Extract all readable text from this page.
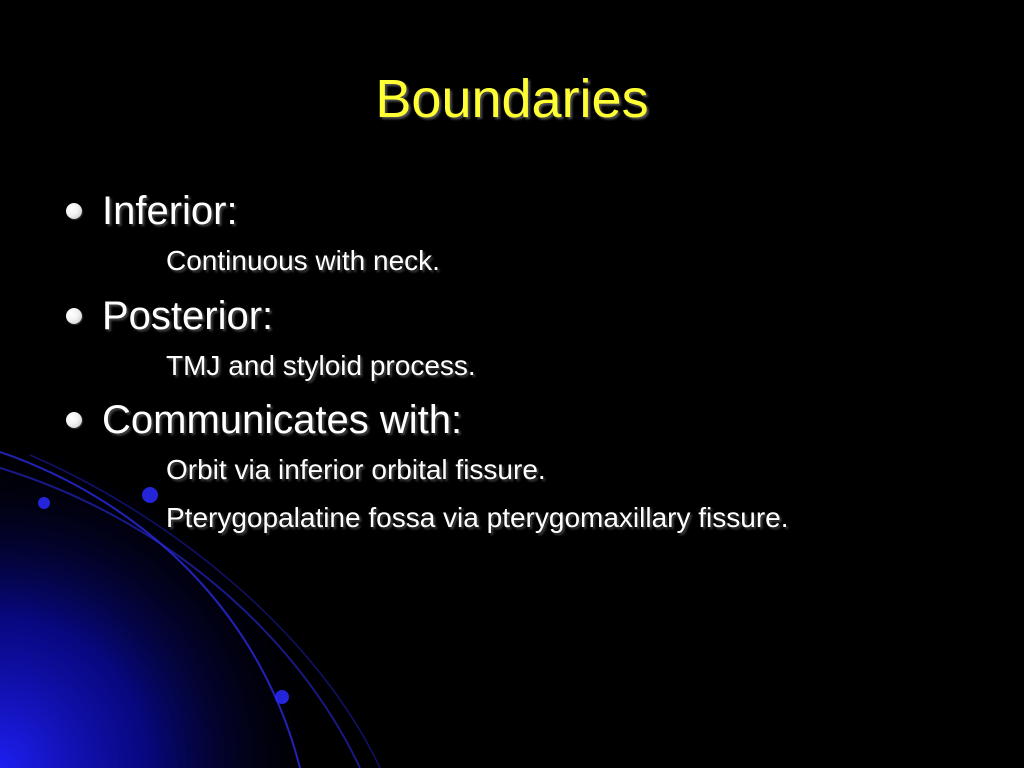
Boundaries
Inferior:
Continuous with neck.
Posterior:
TMJ and styloid process.
Communicates with:
Orbit via inferior orbital fissure.
Pterygopalatine fossa via pterygomaxillary fissure.
